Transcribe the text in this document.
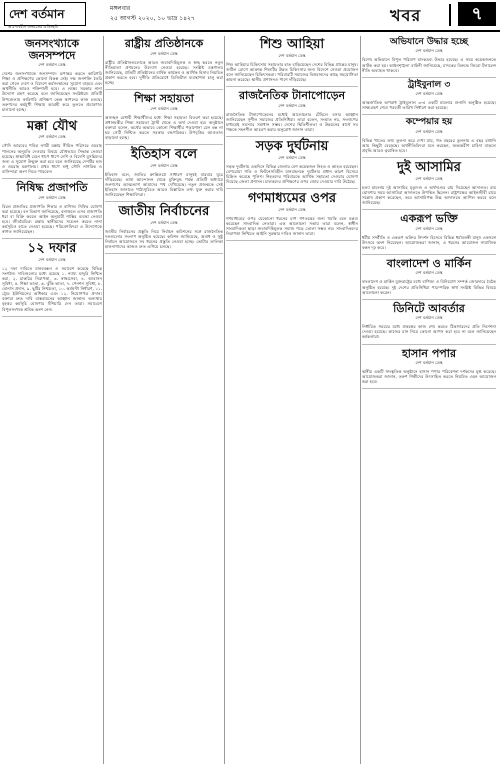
দেশ বর্তমান
আপোষহীন জনমতের প্রতিচ্ছবি
মঙ্গলবার
২৫ আগস্ট ২০২০, ১০ ভাদ্র ১৪২৭	খবর	৭
জনসংখ্যাকে জনসম্পদে
দেশ বর্তমান ডেস্ক
দেশের জনসংখ্যাকে জনসম্পদে রূপান্তর করতে কারিগরি শিক্ষা ও প্রশিক্ষণের কোনো বিকল্প নেই। দক্ষ জনশক্তি তৈরি করা গেলে দেশে ও বিদেশে কর্মসংস্থানের সুযোগ বাড়বে এবং অর্থনীতি আরও শক্তিশালী হবে। এ লক্ষ্যে সরকার নানা উদ্যোগ গ্রহণ করেছে বলে জানিয়েছেন সংশ্লিষ্টরা। প্রতিটি উপজেলায় কারিগরি প্রশিক্ষণ কেন্দ্র স্থাপনের কাজ চলছে। তরুণদের কর্মমুখী শিক্ষায় আগ্রহী করে তুলতে প্রচারণাও চালানো হচ্ছে।
মক্কা যৌথ
দেশ বর্তমান ডেস্ক
সৌদি আরবের পবিত্র নগরী মক্কায় সীমিত পরিসরে ওমরাহ পালনের অনুমতি দেওয়ার বিষয়ে যৌথভাবে সিদ্ধান্ত নেওয়া হয়েছে। স্বাস্থ্যবিধি মেনে ধাপে ধাপে দেশি ও বিদেশি মুসল্লিদের জন্য এ সুযোগ উন্মুক্ত করা হবে বলে জানিয়েছে দেশটির হজ ও ওমরাহ মন্ত্রণালয়। প্রথম ধাপে শুধু সৌদি নাগরিক ও বাসিন্দারা অংশ নিতে পারবেন।
নিষিদ্ধ প্রজাপতি
দেশ বর্তমান ডেস্ক
বিরল প্রজাতির প্রজাপতি শিকার ও বাণিজ্য নিষিদ্ধ ঘোষণা করা হয়েছে। বন বিভাগ জানিয়েছে, বনাঞ্চলে এসব প্রজাপতি ধরা বা বিক্রি করলে আইন অনুযায়ী শাস্তির ব্যবস্থা নেওয়া হবে। জীববৈচিত্র্য রক্ষায় স্থানীয়দের সচেতন করতে নানা কর্মসূচিও হাতে নেওয়া হয়েছে। পরিবেশবিদরা এ উদ্যোগকে স্বাগত জানিয়েছেন।
১২ দফার
দেশ বর্তমান ডেস্ক
১২ দফা দাবিতে মানববন্ধন ও সমাবেশ করেছে বিভিন্ন সংগঠন। দাবিগুলোর মধ্যে রয়েছে ১. ন্যায্য মজুরি নিশ্চিত করা, ২. চাকরির নিরাপত্তা, ৩. স্বাস্থ্যসেবা, ৪. আবাসন সুবিধা, ৫. শিক্ষা ভাতা, ৬. ঝুঁকি ভাতা, ৭. পেনশন সুবিধা, ৮. বোনাস প্রদান, ৯. ছুটির নিশ্চয়তা, ১০. কর্মঘণ্টা নির্ধারণ, ১১. ট্রেড ইউনিয়নের অধিকার এবং ১২. নিয়োগপত্র প্রদান। বক্তারা দ্রুত দাবি বাস্তবায়নের আহ্বান জানান। অন্যথায় বৃহত্তর কর্মসূচি ঘোষণার হুঁশিয়ারি দেন তারা। সমাবেশে বিপুলসংখ্যক শ্রমিক অংশ নেন।
রাষ্ট্রীয় প্রতিষ্ঠানকে
দেশ বর্তমান ডেস্ক
রাষ্ট্রীয় প্রতিষ্ঠানগুলোকে আরও জবাবদিহিমূলক ও স্বচ্ছ করতে নতুন নীতিমালা প্রণয়নের উদ্যোগ নেওয়া হয়েছে। সংশ্লিষ্ট মন্ত্রণালয় জানিয়েছে, প্রতিটি প্রতিষ্ঠানের বার্ষিক কার্যক্রম ও আর্থিক হিসাব নিয়মিত প্রকাশ করতে হবে। দুর্নীতি প্রতিরোধে ডিজিটাল ব্যবস্থাপনা চালু করা হচ্ছে।
শিক্ষা সহায়তা
দেশ বর্তমান ডেস্ক
অসচ্ছল মেধাবী শিক্ষার্থীদের মধ্যে শিক্ষা সহায়তা বিতরণ করা হয়েছে। প্রধানমন্ত্রীর শিক্ষা সহায়তা ট্রাস্ট থেকে এ অর্থ দেওয়া হয়। অনুষ্ঠানে বক্তারা বলেন, অর্থের অভাবে কোনো শিক্ষার্থীর পড়াশোনা যেন বন্ধ না হয় সেটি নিশ্চিত করতে সরকার বদ্ধপরিকর। উপবৃত্তির আওতাও বাড়ানো হচ্ছে।
ইতিহাস বলে
দেশ বর্তমান ডেস্ক
ইতিহাস বলে, জাতির ক্রান্তিলগ্নে সাধারণ মানুষই বারবার ঘুরে দাঁড়িয়েছে। ভাষা আন্দোলন থেকে মুক্তিযুদ্ধ পর্যন্ত প্রতিটি অধ্যায়ে জনগণের আত্মত্যাগ আমাদের পথ দেখিয়েছে। নতুন প্রজন্মকে সেই ইতিহাস জানাতে পাঠ্যসূচিতে আরও বিস্তারিত তথ্য যুক্ত করার দাবি জানিয়েছেন শিক্ষাবিদরা।
জাতীয় নির্বাচনের
দেশ বর্তমান ডেস্ক
জাতীয় নির্বাচনের প্রস্তুতি নিয়ে নির্বাচন কমিশনের সঙ্গে রাজনৈতিক দলগুলোর সংলাপ অনুষ্ঠিত হয়েছে। কমিশন জানিয়েছে, অবাধ ও সুষ্ঠু নির্বাচন আয়োজনে সব ধরনের প্রস্তুতি নেওয়া হচ্ছে। ভোটার তালিকা হালনাগাদের কাজও দ্রুত এগিয়ে চলছে।
শিশু আহিয়া
দেশ বর্তমান ডেস্ক
শিশু আহিয়ার চিকিৎসায় সহায়তার হাত বাড়িয়েছেন দেশের বিভিন্ন প্রান্তের মানুষ। জটিল রোগে আক্রান্ত শিশুটির উন্নত চিকিৎসার জন্য বিদেশে নেওয়া প্রয়োজন বলে জানিয়েছেন চিকিৎসকরা। পরিবারটি সমাজের বিত্তবানদের কাছে সহযোগিতা কামনা করেছে। স্থানীয় প্রশাসনও পাশে দাঁড়িয়েছে।
রাজনৈতিক টানাপোড়েন
দেশ বর্তমান ডেস্ক
রাজনৈতিক টানাপোড়েনের মধ্যেই আলোচনার টেবিলে বসার আহ্বান জানিয়েছেন সুশীল সমাজের প্রতিনিধিরা। তারা বলেন, সংঘাত নয়, সংলাপের মাধ্যমেই সমস্যার সমাধান সম্ভব। দেশের স্থিতিশীলতা ও উন্নয়নের স্বার্থে সব পক্ষকে সহনশীল আচরণ করার অনুরোধ জানান তারা।
সড়ক দুর্ঘটনায়
দেশ বর্তমান ডেস্ক
সড়ক দুর্ঘটনায় একদিনে বিভিন্ন জেলায় বেশ কয়েকজন নিহত ও আহত হয়েছেন। বেপরোয়া গতি ও ফিটনেসবিহীন যানবাহনকে দুর্ঘটনার প্রধান কারণ হিসেবে চিহ্নিত করেছে পুলিশ। নিহতদের পরিবারকে আর্থিক সহায়তা দেওয়ার ঘোষণা দিয়েছে জেলা প্রশাসন। চালকদের প্রশিক্ষণের ওপর জোর দেওয়ার দাবি উঠেছে।
গণমাধ্যমের ওপর
দেশ বর্তমান ডেস্ক
গণমাধ্যমের ওপর যেকোনো ধরনের চাপ গণতন্ত্রের জন্য হুমকি বলে মন্তব্য করেছেন সাংবাদিক নেতারা। এক আলোচনা সভায় তারা বলেন, স্বাধীন সাংবাদিকতা ছাড়া জবাবদিহিমূলক সমাজ গড়ে তোলা সম্ভব নয়। সাংবাদিকদের নিরাপত্তা নিশ্চিতে আইনি সুরক্ষার দাবিও জানান তারা।
অভিযানে উদ্ধার হচ্ছে
দেশ বর্তমান ডেস্ক
বিশেষ অভিযানে বিপুল পরিমাণ মাদকদ্রব্য উদ্ধার হয়েছে। এ সময় কয়েকজনকে আটক করা হয়। আইনশৃঙ্খলা বাহিনী জানিয়েছে, মাদকের বিরুদ্ধে জিরো টলারেন্স নীতি অব্যাহত থাকবে।
ট্রাইবুনাল ৩
দেশ বর্তমান ডেস্ক
আন্তর্জাতিক অপরাধ ট্রাইব্যুনাল ৩-এ একটি মামলার শুনানি অনুষ্ঠিত হয়েছে। সাক্ষ্যগ্রহণ শেষে পরবর্তী তারিখ নির্ধারণ করা হয়েছে।
কম্পেয়ার হয়
দেশ বর্তমান ডেস্ক
বিভিন্ন খাতের তথ্য তুলনা করে দেখা যায়, গত বছরের তুলনায় এ বছর রপ্তানি আয় কিছুটা বেড়েছে। অর্থনীতিবিদরা মনে করছেন, অভ্যন্তরীণ চাহিদা বাড়লে প্রবৃদ্ধি আরও ত্বরান্বিত হবে।
দুই আসামির
দেশ বর্তমান ডেস্ক
হত্যা মামলায় দুই আসামির মৃত্যুদণ্ড ও অর্থদণ্ডের রায় দিয়েছেন আদালত। রায় ঘোষণার সময় আসামিরা আদালতে উপস্থিত ছিলেন। রাষ্ট্রপক্ষের আইনজীবী রায়ে সন্তোষ প্রকাশ করেছেন, তবে আসামিপক্ষ উচ্চ আদালতে আপিল করবে বলে জানিয়েছে।
একরূপ ভক্তি
দেশ বর্তমান ডেস্ক
ধর্মীয় সম্প্রীতি ও একরূপ ভক্তির নিদর্শন হিসেবে বিভিন্ন ধর্মাবলম্বী মানুষ একসঙ্গে উৎসবে অংশ নিয়েছেন। আয়োজকরা জানান, এ ধরনের আয়োজন সামাজিক বন্ধন দৃঢ় করে।
বাংলাদেশ ও মার্কিন
দেশ বর্তমান ডেস্ক
বাংলাদেশ ও মার্কিন যুক্তরাষ্ট্রের মধ্যে বাণিজ্য ও বিনিয়োগ সম্পর্ক জোরদারে বৈঠক অনুষ্ঠিত হয়েছে। দুই দেশের প্রতিনিধিরা পারস্পরিক স্বার্থ সংশ্লিষ্ট বিভিন্ন বিষয়ে আলোচনা করেন।
ডিনিটে আবর্তার
দেশ বর্তমান ডেস্ক
নির্ধারিত সময়ের মধ্যে প্রকল্পের কাজ শেষ করতে ঠিকাদারদের প্রতি নির্দেশনা দেওয়া হয়েছে। কাজের মান নিয়ে কোনো আপস করা হবে না বলে জানিয়েছেন কর্মকর্তারা।
হাসান পপার
দেশ বর্তমান ডেস্ক
স্থানীয় একটি সাংস্কৃতিক অনুষ্ঠানে হাসান পপার পরিবেশনা দর্শকদের মুগ্ধ করেছে। আয়োজকরা জানান, তরুণ শিল্পীদের উৎসাহিত করতে নিয়মিত এমন আয়োজন করা হবে।
